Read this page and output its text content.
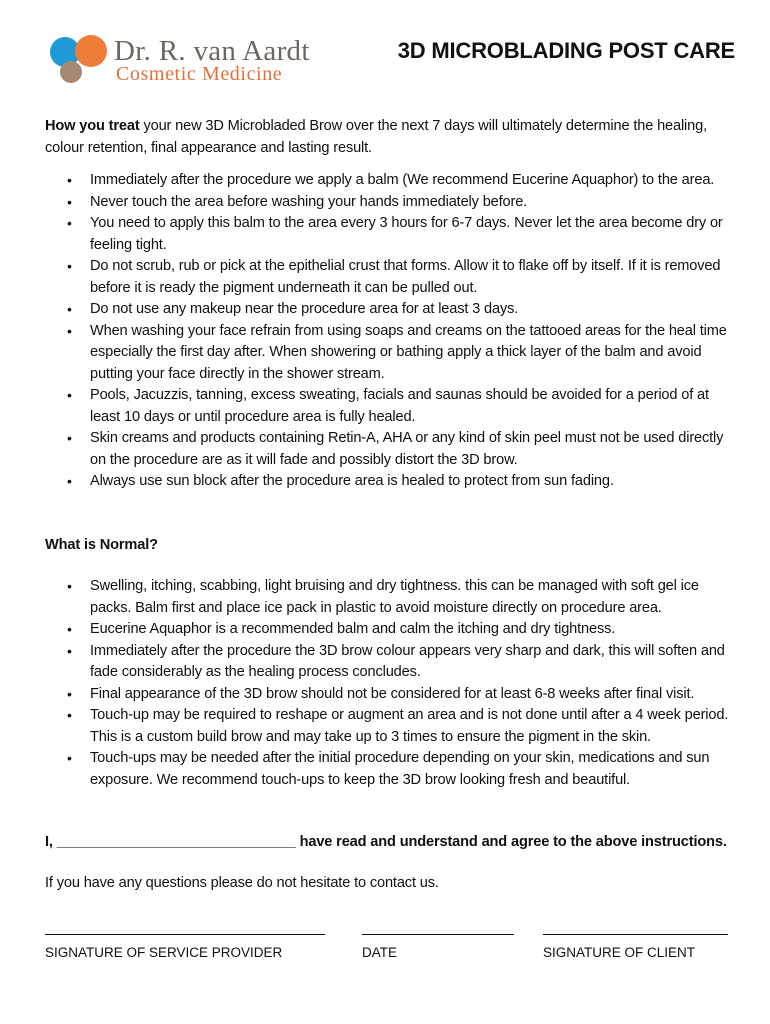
Dr. R. van Aardt
Cosmetic Medicine
3D MICROBLADING POST CARE

How you treat your new 3D Microbladed Brow over the next 7 days will ultimately determine the healing, colour retention, final appearance and lasting result.

• Immediately after the procedure we apply a balm (We recommend Eucerine Aquaphor) to the area.
• Never touch the area before washing your hands immediately before.
• You need to apply this balm to the area every 3 hours for 6-7 days. Never let the area become dry or feeling tight.
• Do not scrub, rub or pick at the epithelial crust that forms. Allow it to flake off by itself. If it is removed before it is ready the pigment underneath it can be pulled out.
• Do not use any makeup near the procedure area for at least 3 days.
• When washing your face refrain from using soaps and creams on the tattooed areas for the heal time especially the first day after. When showering or bathing apply a thick layer of the balm and avoid putting your face directly in the shower stream.
• Pools, Jacuzzis, tanning, excess sweating, facials and saunas should be avoided for a period of at least 10 days or until procedure area is fully healed.
• Skin creams and products containing Retin-A, AHA or any kind of skin peel must not be used directly on the procedure are as it will fade and possibly distort the 3D brow.
• Always use sun block after the procedure area is healed to protect from sun fading.

What is Normal?

• Swelling, itching, scabbing, light bruising and dry tightness. this can be managed with soft gel ice packs. Balm first and place ice pack in plastic to avoid moisture directly on procedure area.
• Eucerine Aquaphor is a recommended balm and calm the itching and dry tightness.
• Immediately after the procedure the 3D brow colour appears very sharp and dark, this will soften and fade considerably as the healing process concludes.
• Final appearance of the 3D brow should not be considered for at least 6-8 weeks after final visit.
• Touch-up may be required to reshape or augment an area and is not done until after a 4 week period. This is a custom build brow and may take up to 3 times to ensure the pigment in the skin.
• Touch-ups may be needed after the initial procedure depending on your skin, medications and sun exposure. We recommend touch-ups to keep the 3D brow looking fresh and beautiful.

I, ______________________________ have read and understand and agree to the above instructions.

If you have any questions please do not hesitate to contact us.

SIGNATURE OF SERVICE PROVIDER	DATE	SIGNATURE OF CLIENT
